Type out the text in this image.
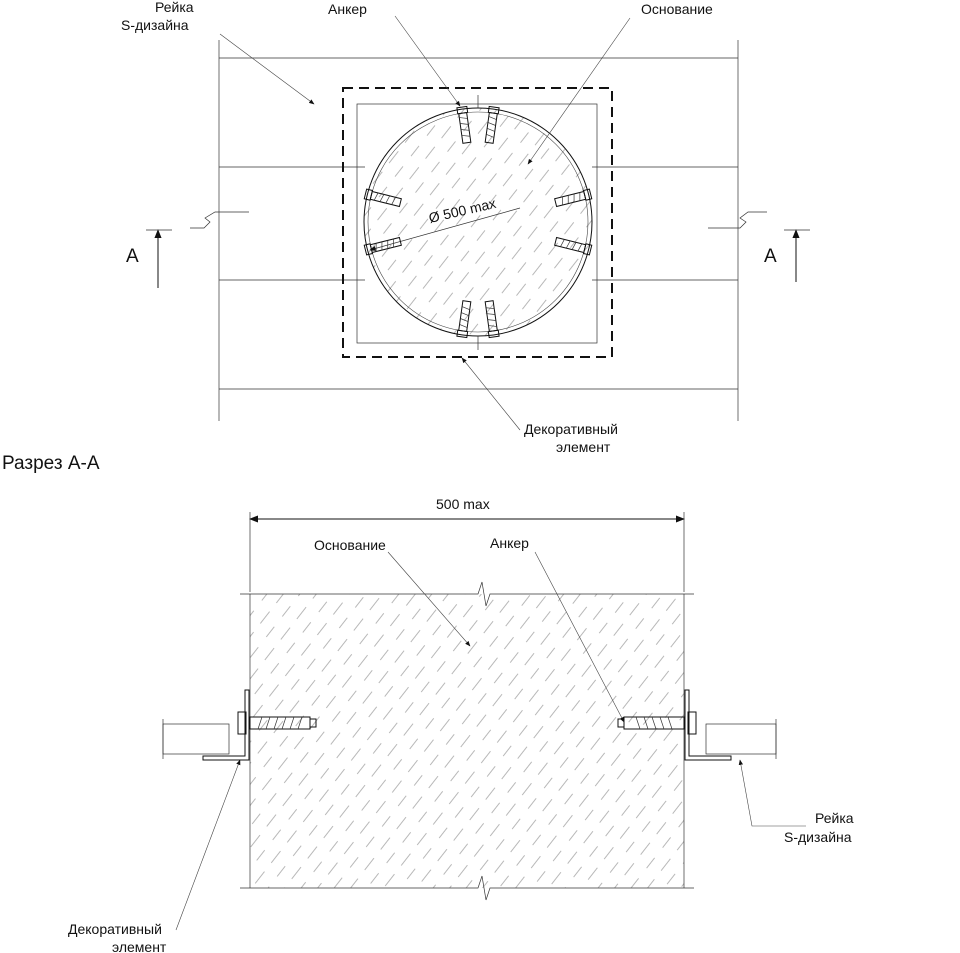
A	A
Ø 500 max
Рейка
S-дизайна
Анкер	Основание
Декоративный
элемент
Разрез A-A
500 max
Основание	Анкер
Рейка
S-дизайна
Декоративный
элемент
